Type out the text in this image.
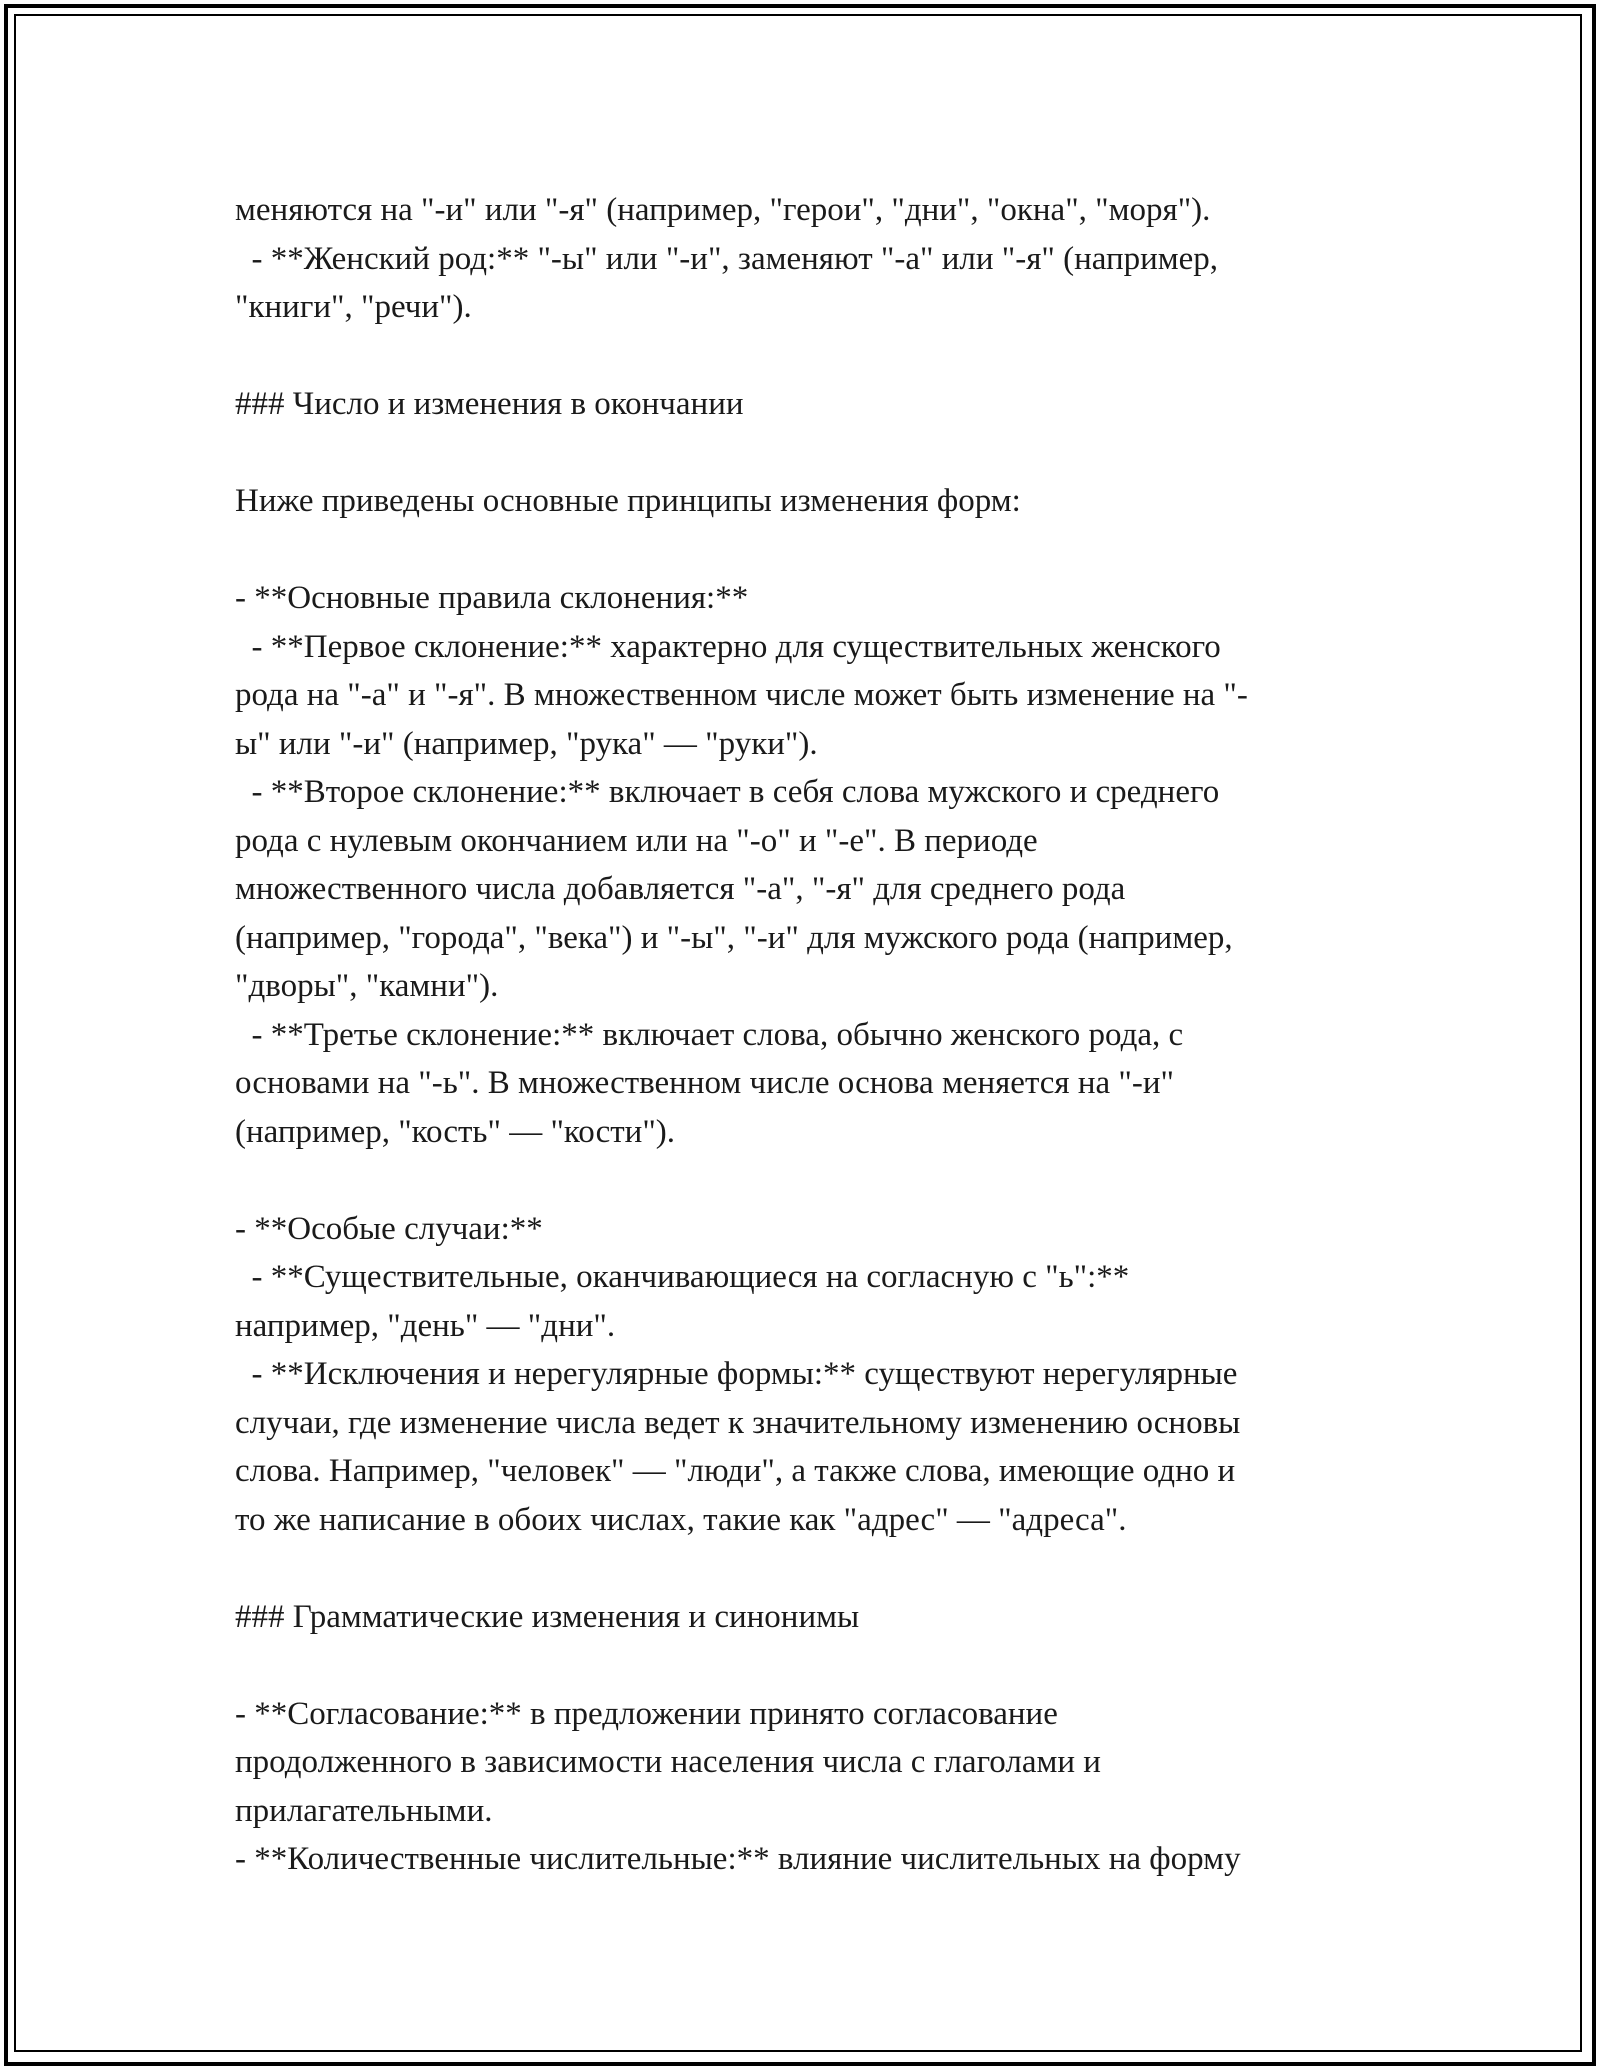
меняются на "-и" или "-я" (например, "герои", "дни", "окна", "моря").
- **Женский род:** "-ы" или "-и", заменяют "-а" или "-я" (например,
"книги", "речи").
### Число и изменения в окончании
Ниже приведены основные принципы изменения форм:
- **Основные правила склонения:**
- **Первое склонение:** характерно для существительных женского
рода на "-а" и "-я". В множественном числе может быть изменение на "-
ы" или "-и" (например, "рука" — "руки").
- **Второе склонение:** включает в себя слова мужского и среднего
рода с нулевым окончанием или на "-о" и "-е". В периоде
множественного числа добавляется "-а", "-я" для среднего рода
(например, "города", "века") и "-ы", "-и" для мужского рода (например,
"дворы", "камни").
- **Третье склонение:** включает слова, обычно женского рода, с
основами на "-ь". В множественном числе основа меняется на "-и"
(например, "кость" — "кости").
- **Особые случаи:**
- **Существительные, оканчивающиеся на согласную с "ь":**
например, "день" — "дни".
- **Исключения и нерегулярные формы:** существуют нерегулярные
случаи, где изменение числа ведет к значительному изменению основы
слова. Например, "человек" — "люди", а также слова, имеющие одно и
то же написание в обоих числах, такие как "адрес" — "адреса".
### Грамматические изменения и синонимы
- **Согласование:** в предложении принято согласование
продолженного в зависимости населения числа с глаголами и
прилагательными.
- **Количественные числительные:** влияние числительных на форму
